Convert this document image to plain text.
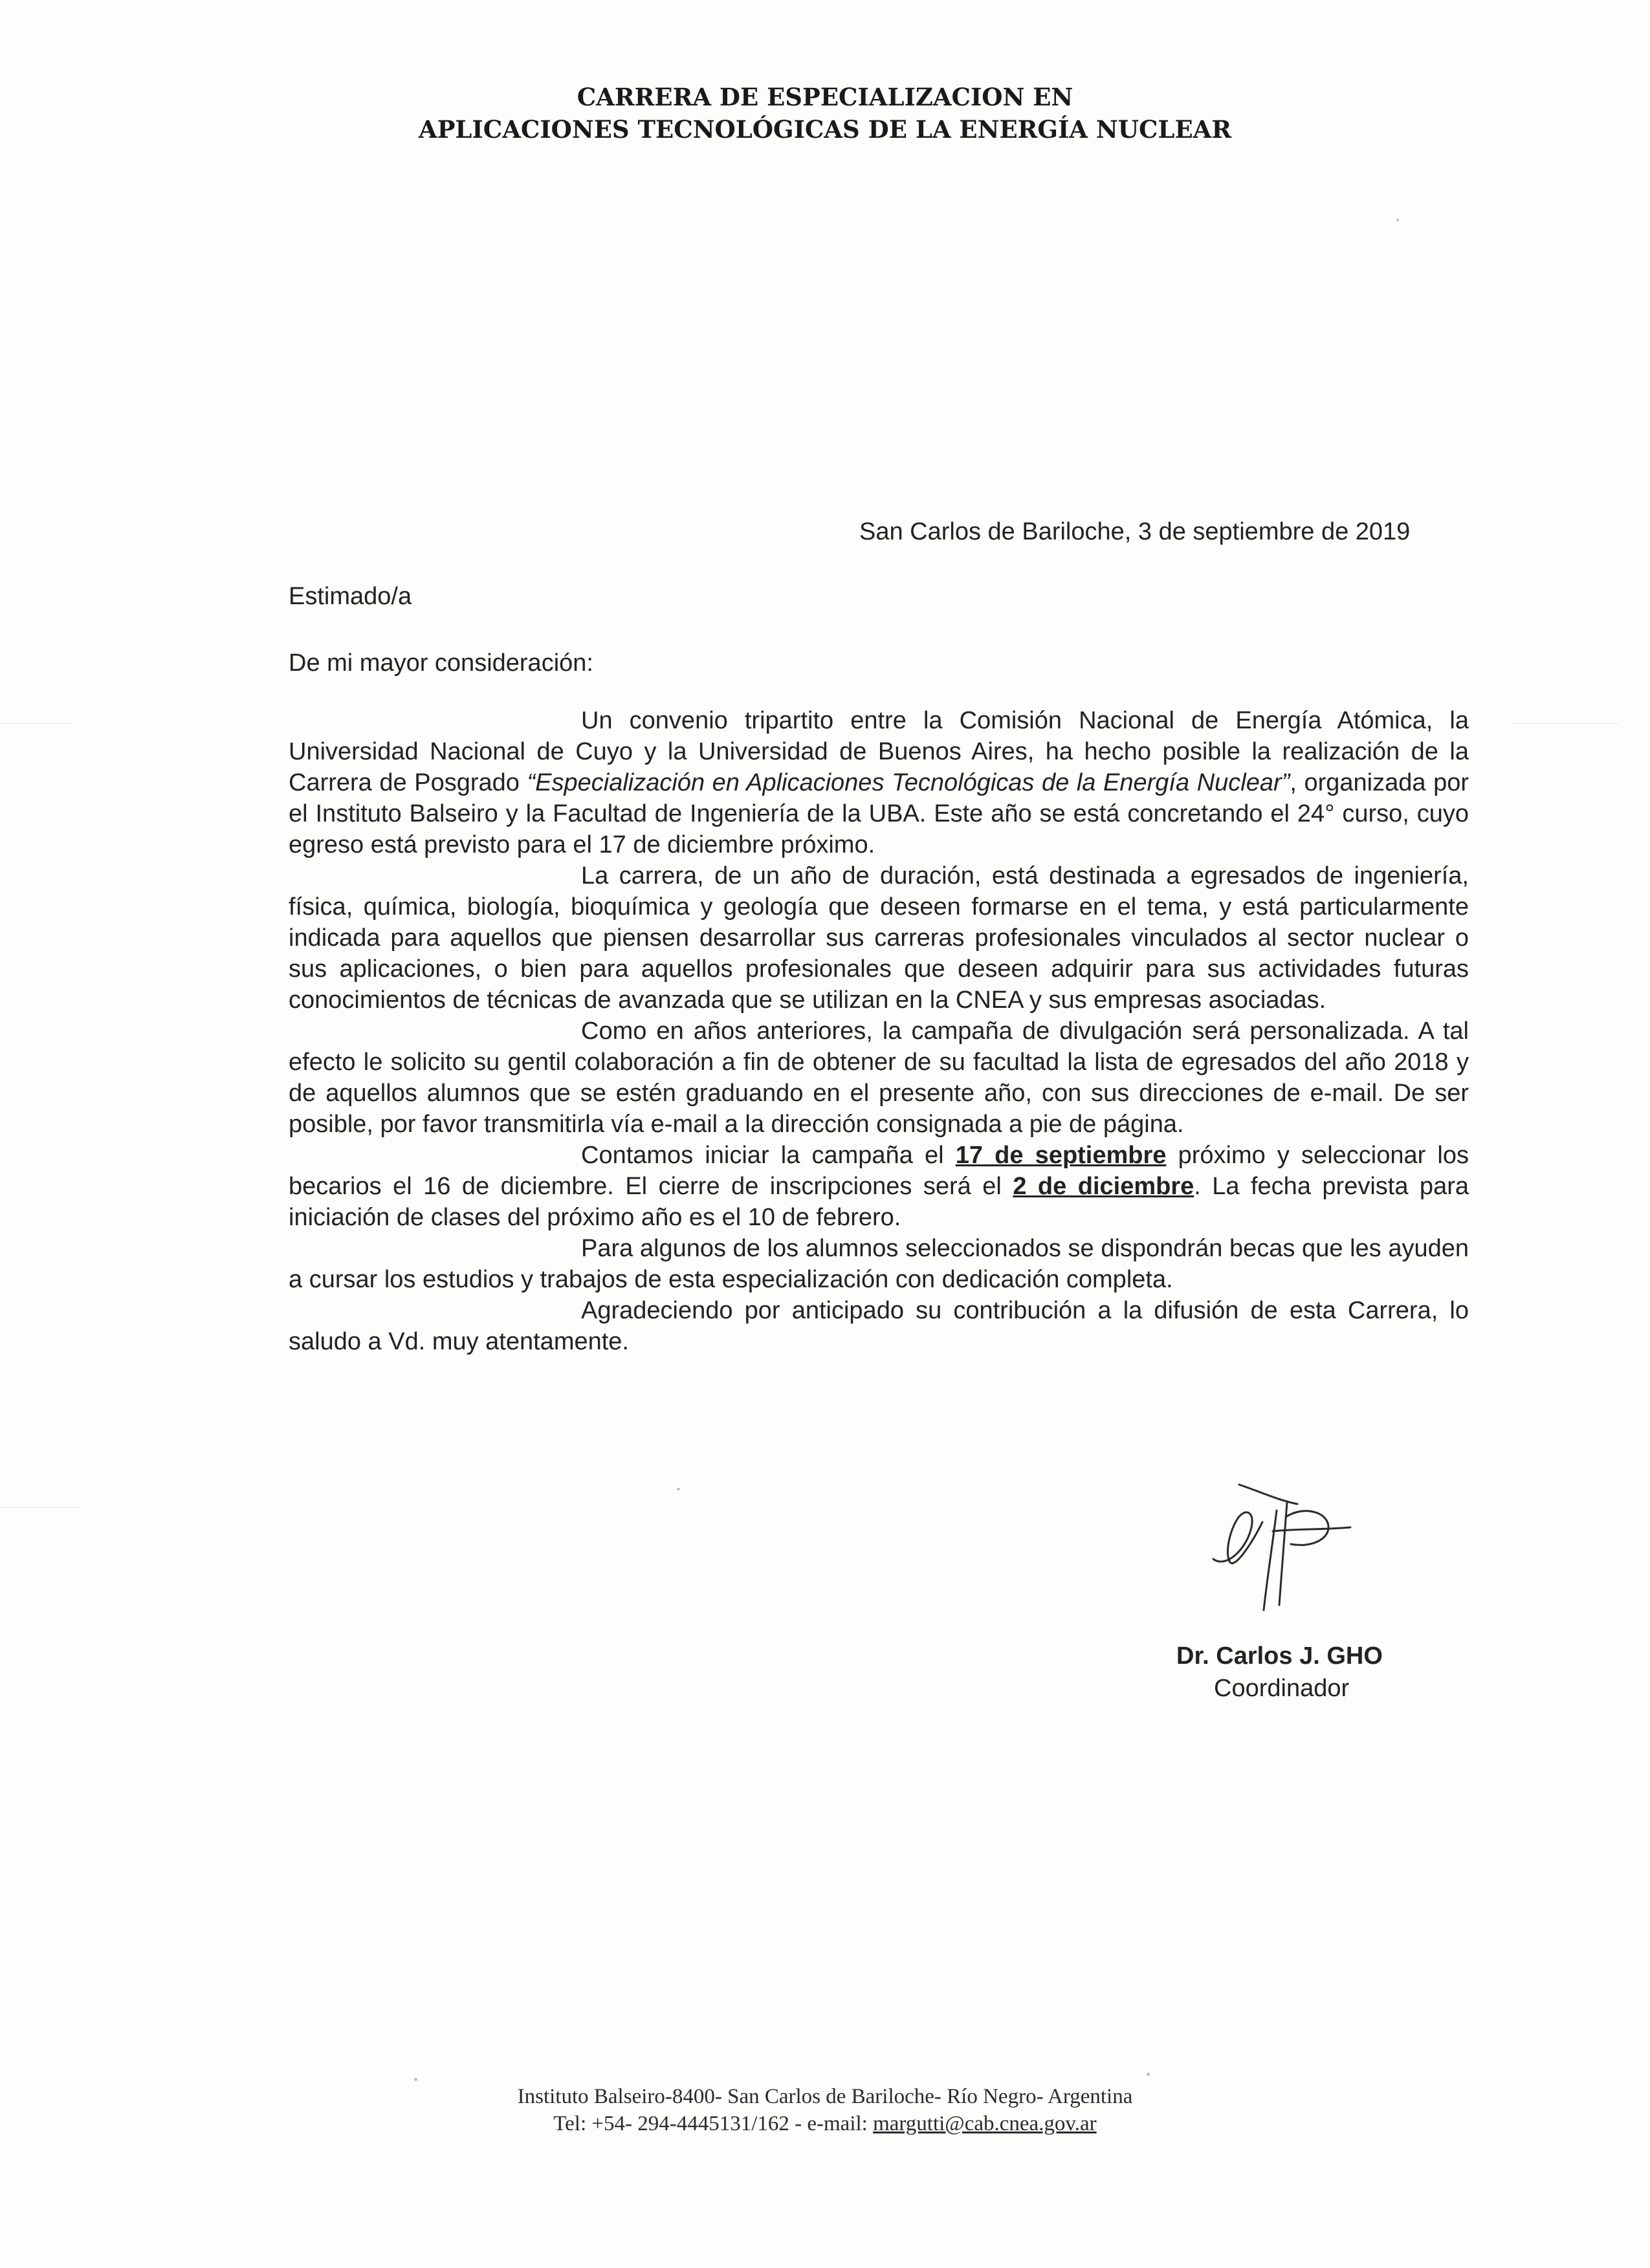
CARRERA DE ESPECIALIZACION EN
APLICACIONES TECNOLÓGICAS DE LA ENERGÍA NUCLEAR
San Carlos de Bariloche, 3 de septiembre de 2019
Estimado/a
De mi mayor consideración:

Un convenio tripartito entre la Comisión Nacional de Energía Atómica, la Universidad Nacional de Cuyo y la Universidad de Buenos Aires, ha hecho posible la realización de la Carrera de Posgrado “Especialización en Aplicaciones Tecnológicas de la Energía Nuclear”, organizada por el Instituto Balseiro y la Facultad de Ingeniería de la UBA. Este año se está concretando el 24° curso, cuyo egreso está previsto para el 17 de diciembre próximo.

La carrera, de un año de duración, está destinada a egresados de ingeniería, física, química, biología, bioquímica y geología que deseen formarse en el tema, y está particularmente indicada para aquellos que piensen desarrollar sus carreras profesionales vinculados al sector nuclear o sus aplicaciones, o bien para aquellos profesionales que deseen adquirir para sus actividades futuras conocimientos de técnicas de avanzada que se utilizan en la CNEA y sus empresas asociadas.

Como en años anteriores, la campaña de divulgación será personalizada. A tal efecto le solicito su gentil colaboración a fin de obtener de su facultad la lista de egresados del año 2018 y de aquellos alumnos que se estén graduando en el presente año, con sus direcciones de e-mail. De ser posible, por favor transmitirla vía e-mail a la dirección consignada a pie de página.

Contamos iniciar la campaña el 17 de septiembre próximo y seleccionar los becarios el 16 de diciembre. El cierre de inscripciones será el 2 de diciembre. La fecha prevista para iniciación de clases del próximo año es el 10 de febrero.

Para algunos de los alumnos seleccionados se dispondrán becas que les ayuden a cursar los estudios y trabajos de esta especialización con dedicación completa.

Agradeciendo por anticipado su contribución a la difusión de esta Carrera, lo saludo a Vd. muy atentamente.

Dr. Carlos J. GHO
Coordinador
Instituto Balseiro-8400- San Carlos de Bariloche- Río Negro- Argentina
Tel: +54- 294-4445131/162 - e-mail: margutti@cab.cnea.gov.ar
